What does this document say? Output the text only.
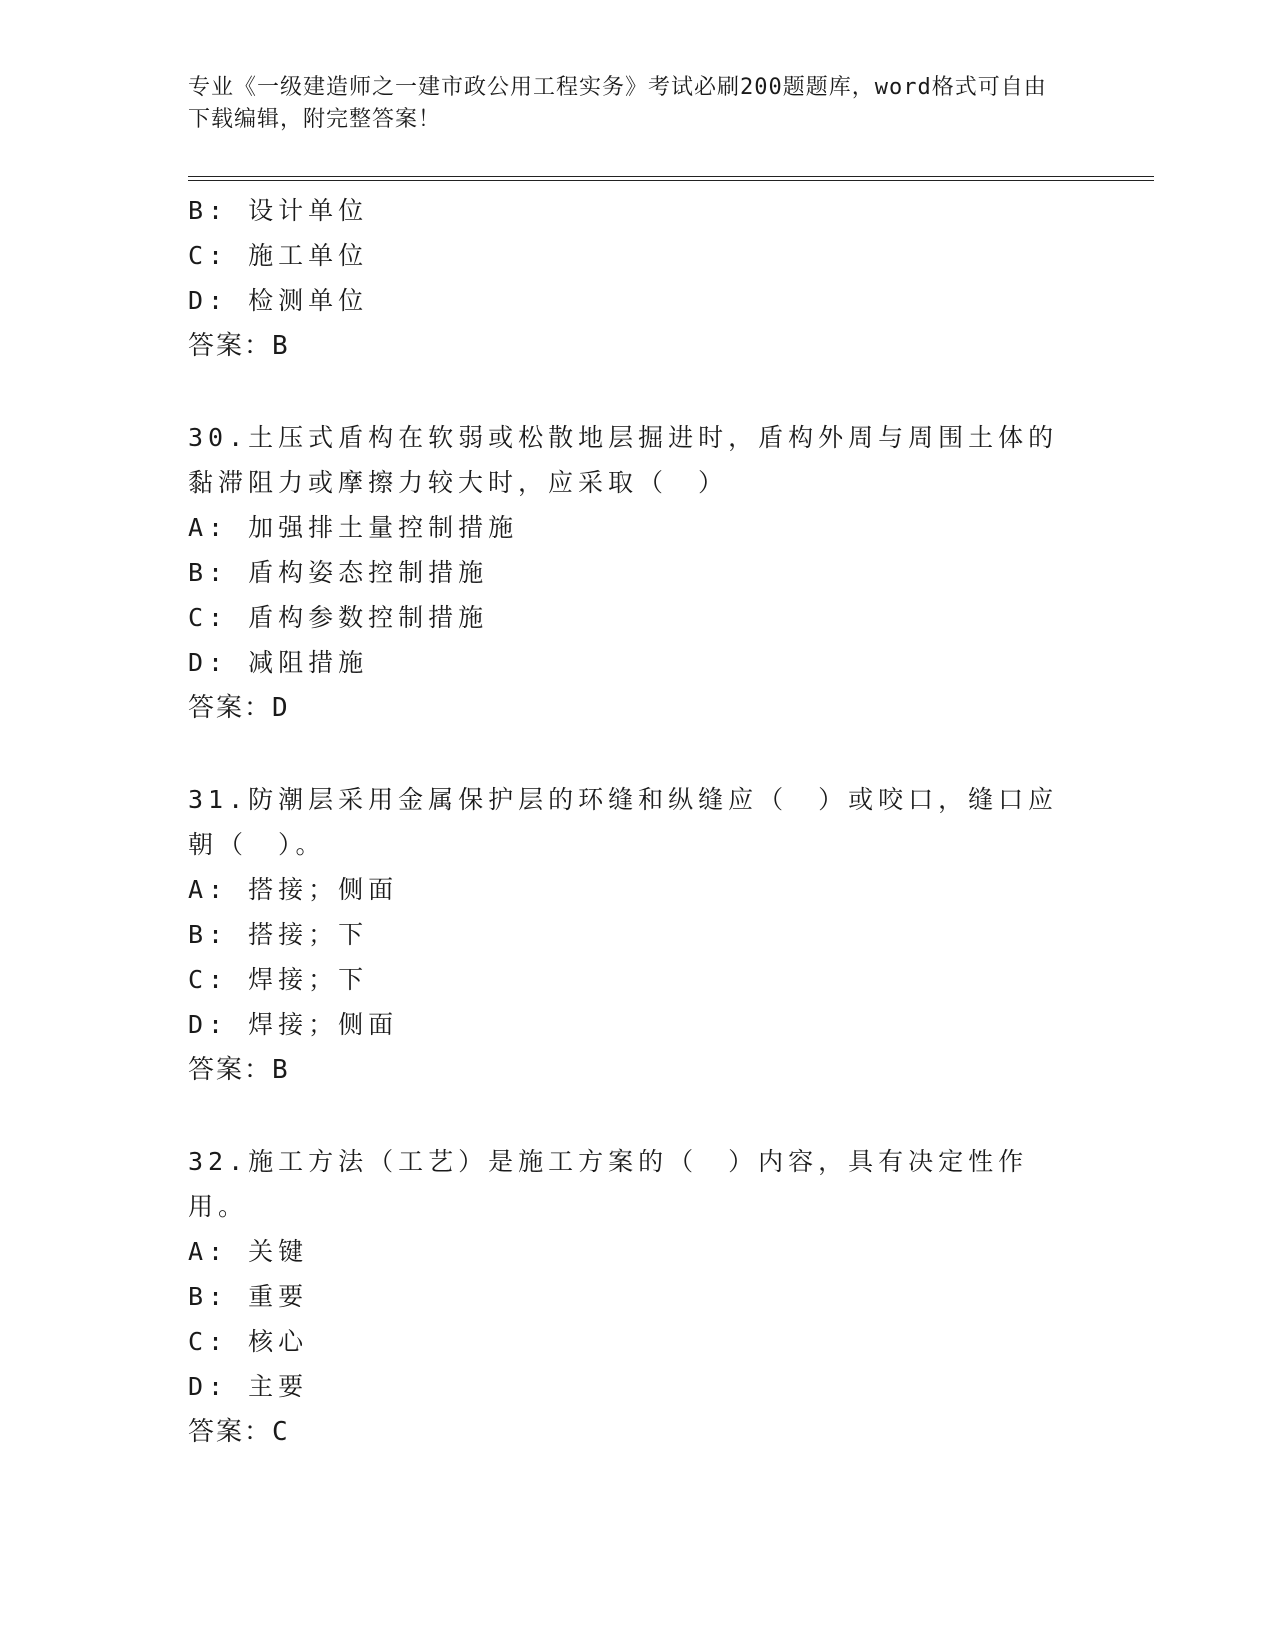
专业《一级建造师之一建市政公用工程实务》考试必刷200题题库，word格式可自由下载编辑，附完整答案！
B: 设计单位
C: 施工单位
D: 检测单位
答案：B
30.土压式盾构在软弱或松散地层掘进时，盾构外周与周围土体的黏滞阻力或摩擦力较大时，应采取（　）
A: 加强排土量控制措施
B: 盾构姿态控制措施
C: 盾构参数控制措施
D: 减阻措施
答案：D
31.防潮层采用金属保护层的环缝和纵缝应（　）或咬口，缝口应朝（　）。
A: 搭接；侧面
B: 搭接；下
C: 焊接；下
D: 焊接；侧面
答案：B
32.施工方法（工艺）是施工方案的（　）内容，具有决定性作用。
A: 关键
B: 重要
C: 核心
D: 主要
答案：C
